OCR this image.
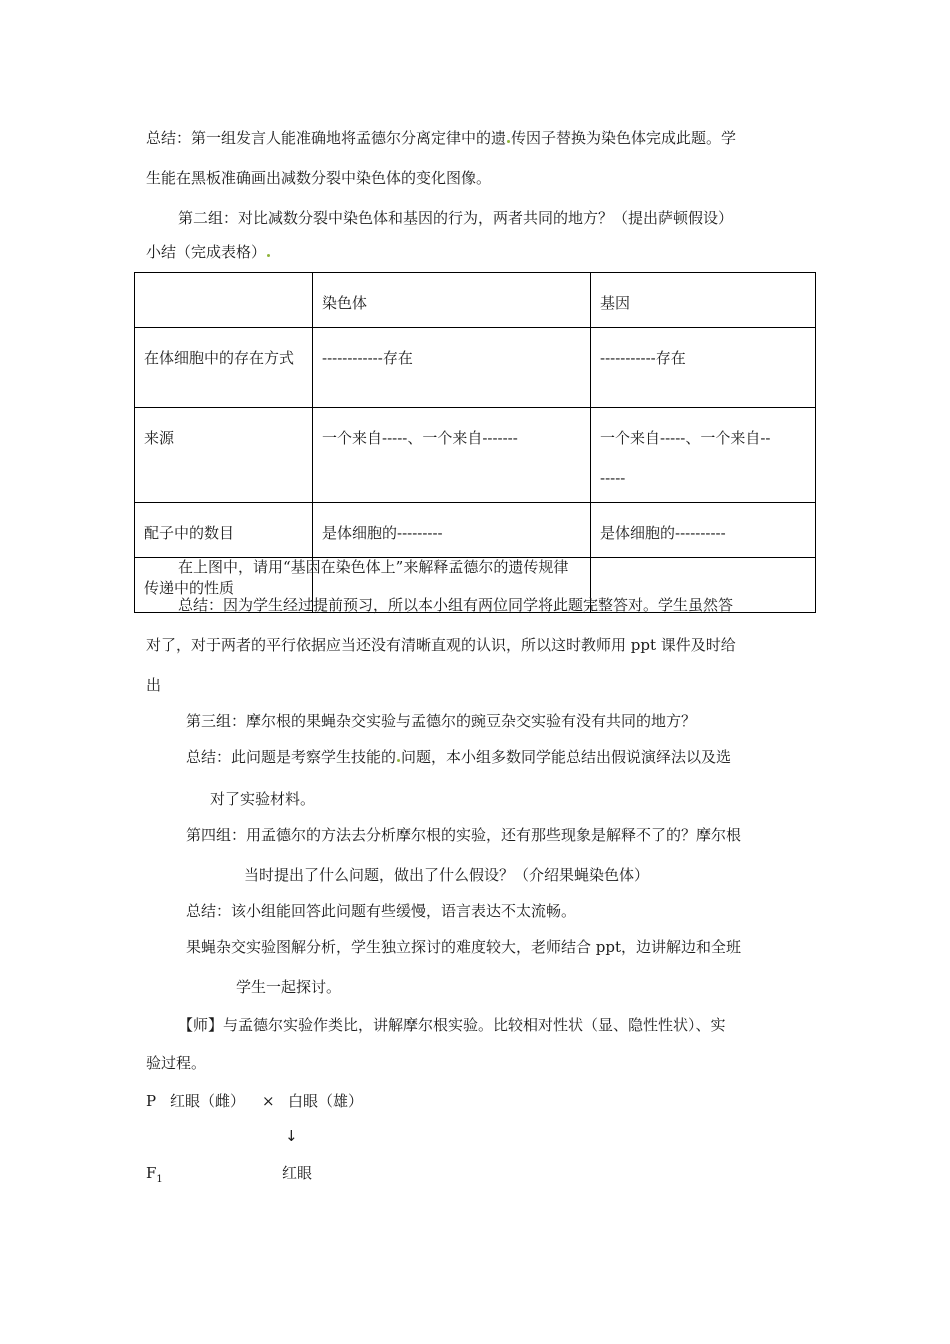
总结：第一组发言人能准确地将孟德尔分离定律中的遗 传因子替换为染色体完成此题。学
生能在黑板准确画出减数分裂中染色体的变化图像。
第二组：对比减数分裂中染色体和基因的行为，两者共同的地方？（提出萨顿假设）
小结（完成表格）
	染色体	基因
在体细胞中的存在方式	------------存在	-----------存在
来源	一个来自-----、一个来自-------	一个来自-----、一个来自-------
配子中的数目	是体细胞的---------	是体细胞的----------
传递中的性质		
在上图中，请用“基因在染色体上”来解释孟德尔的遗传规律
总结：因为学生经过提前预习，所以本小组有两位同学将此题完整答对。学生虽然答
对了，对于两者的平行依据应当还没有清晰直观的认识，所以这时教师用 ppt 课件及时给
出
第三组：摩尔根的果蝇杂交实验与孟德尔的豌豆杂交实验有没有共同的地方？
总结：此问题是考察学生技能的 问题，本小组多数同学能总结出假说演绎法以及选
对了实验材料。
第四组：用孟德尔的方法去分析摩尔根的实验，还有那些现象是解释不了的？摩尔根
当时提出了什么问题，做出了什么假设？（介绍果蝇染色体）
总结：该小组能回答此问题有些缓慢，语言表达不太流畅。
果蝇杂交实验图解分析，学生独立探讨的难度较大，老师结合 ppt，边讲解边和全班
学生一起探讨。
【师】与孟德尔实验作类比，讲解摩尔根实验。比较相对性状（显、隐性性状）、实
验过程。
P 红眼（雌） × 白眼（雄）
↓
$F_1$	红眼
